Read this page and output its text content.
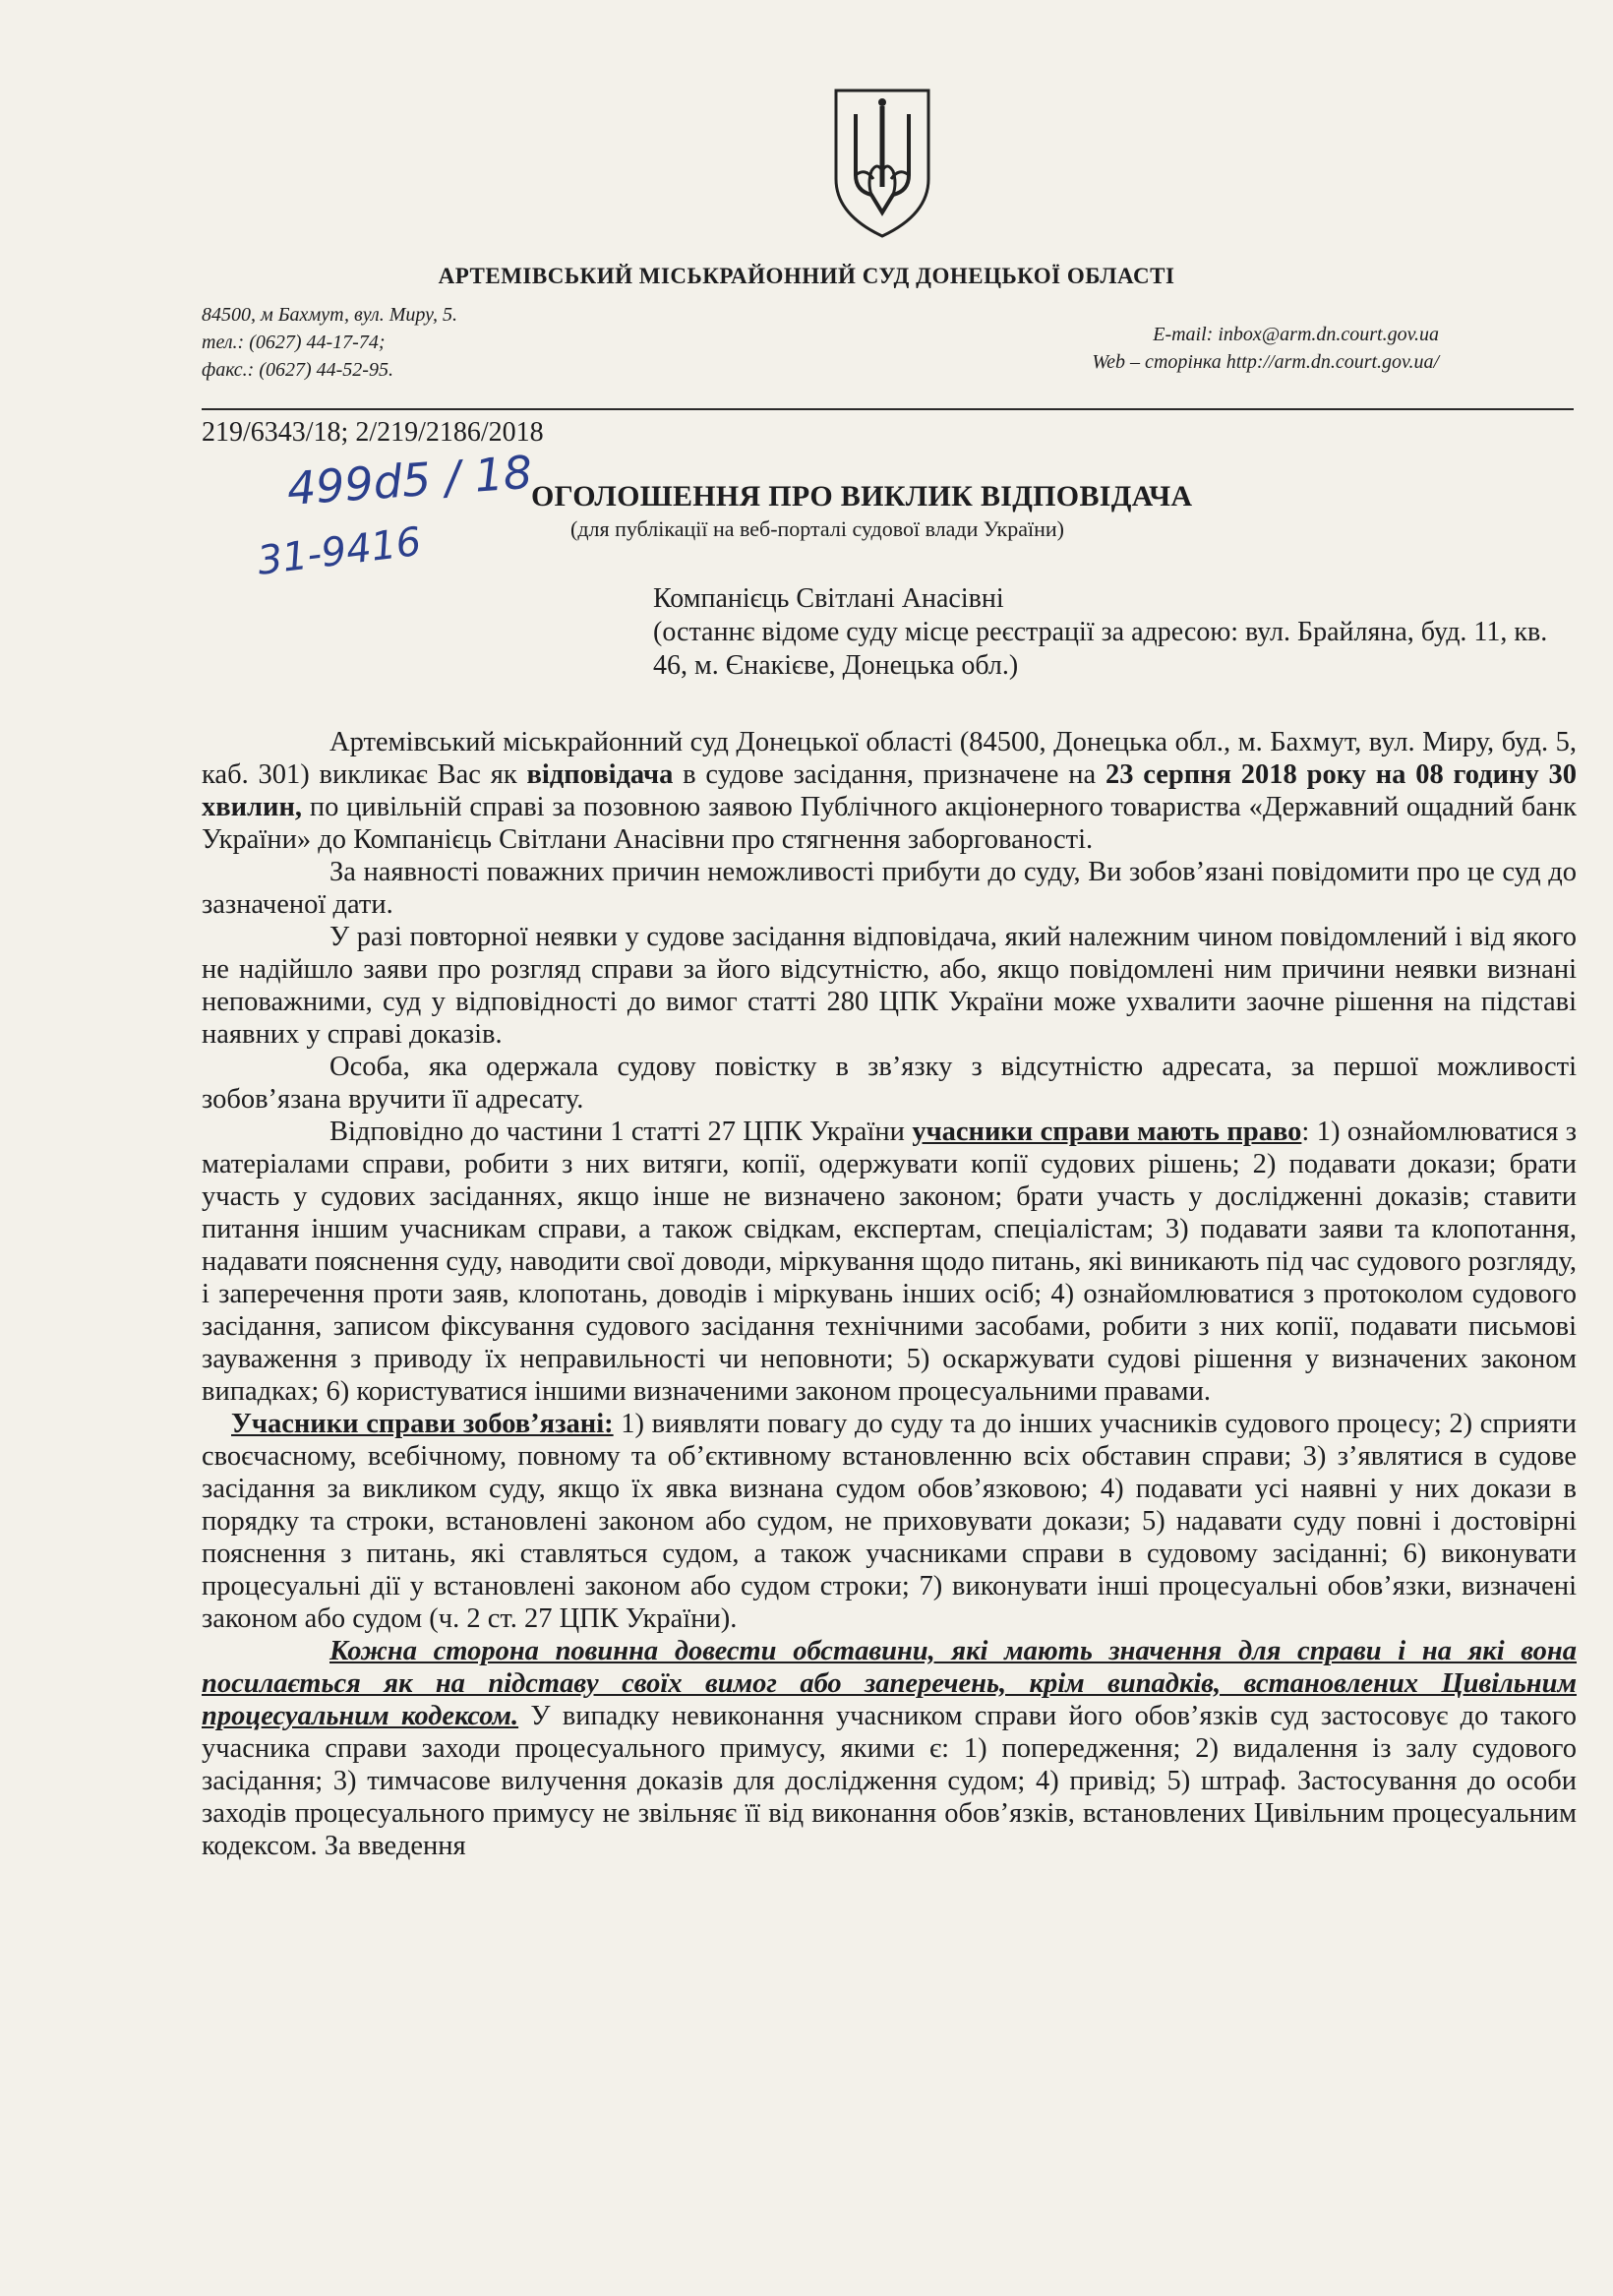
АРТЕМІВСЬКИЙ МІСЬКРАЙОННИЙ СУД ДОНЕЦЬКОЇ ОБЛАСТІ
84500, м Бахмут, вул. Миру, 5.
тел.: (0627) 44-17-74;
факс.: (0627) 44-52-95.
E-mail: inbox@arm.dn.court.gov.ua
Web – сторінка http://arm.dn.court.gov.ua/
219/6343/18; 2/219/2186/2018
499d5 / 18
31-9416
ОГОЛОШЕННЯ ПРО ВИКЛИК ВІДПОВІДАЧА
(для публікації на веб-порталі судової влади України)
Компанієць Світлані Анасівні
(останнє відоме суду місце реєстрації за адресою: вул. Брайляна, буд. 11, кв. 46, м. Єнакієве, Донецька обл.)

Артемівський міськрайонний суд Донецької області (84500, Донецька обл., м. Бахмут, вул. Миру, буд. 5, каб. 301) викликає Вас як відповідача в судове засідання, призначене на 23 серпня 2018 року на 08 годину 30 хвилин, по цивільній справі за позовною заявою Публічного акціонерного товариства «Державний ощадний банк України» до Компанієць Світлани Анасівни про стягнення заборгованості.

За наявності поважних причин неможливості прибути до суду, Ви зобов’язані повідомити про це суд до зазначеної дати.

У разі повторної неявки у судове засідання відповідача, який належним чином повідомлений і від якого не надійшло заяви про розгляд справи за його відсутністю, або, якщо повідомлені ним причини неявки визнані неповажними, суд у відповідності до вимог статті 280 ЦПК України може ухвалити заочне рішення на підставі наявних у справі доказів.

Особа, яка одержала судову повістку в зв’язку з відсутністю адресата, за першої можливості зобов’язана вручити її адресату.

Відповідно до частини 1 статті 27 ЦПК України учасники справи мають право: 1) ознайомлюватися з матеріалами справи, робити з них витяги, копії, одержувати копії судових рішень; 2) подавати докази; брати участь у судових засіданнях, якщо інше не визначено законом; брати участь у дослідженні доказів; ставити питання іншим учасникам справи, а також свідкам, експертам, спеціалістам; 3) подавати заяви та клопотання, надавати пояснення суду, наводити свої доводи, міркування щодо питань, які виникають під час судового розгляду, і заперечення проти заяв, клопотань, доводів і міркувань інших осіб; 4) ознайомлюватися з протоколом судового засідання, записом фіксування судового засідання технічними засобами, робити з них копії, подавати письмові зауваження з приводу їх неправильності чи неповноти; 5) оскаржувати судові рішення у визначених законом випадках; 6) користуватися іншими визначеними законом процесуальними правами.

Учасники справи зобов’язані: 1) виявляти повагу до суду та до інших учасників судового процесу; 2) сприяти своєчасному, всебічному, повному та об’єктивному встановленню всіх обставин справи; 3) з’являтися в судове засідання за викликом суду, якщо їх явка визнана судом обов’язковою; 4) подавати усі наявні у них докази в порядку та строки, встановлені законом або судом, не приховувати докази; 5) надавати суду повні і достовірні пояснення з питань, які ставляться судом, а також учасниками справи в судовому засіданні; 6) виконувати процесуальні дії у встановлені законом або судом строки; 7) виконувати інші процесуальні обов’язки, визначені законом або судом (ч. 2 ст. 27 ЦПК України).

Кожна сторона повинна довести обставини, які мають значення для справи і на які вона посилається як на підставу своїх вимог або заперечень, крім випадків, встановлених Цивільним процесуальним кодексом. У випадку невиконання учасником справи його обов’язків суд застосовує до такого учасника справи заходи процесуального примусу, якими є: 1) попередження; 2) видалення із залу судового засідання; 3) тимчасове вилучення доказів для дослідження судом; 4) привід; 5) штраф. Застосування до особи заходів процесуального примусу не звільняє її від виконання обов’язків, встановлених Цивільним процесуальним кодексом. За введення
